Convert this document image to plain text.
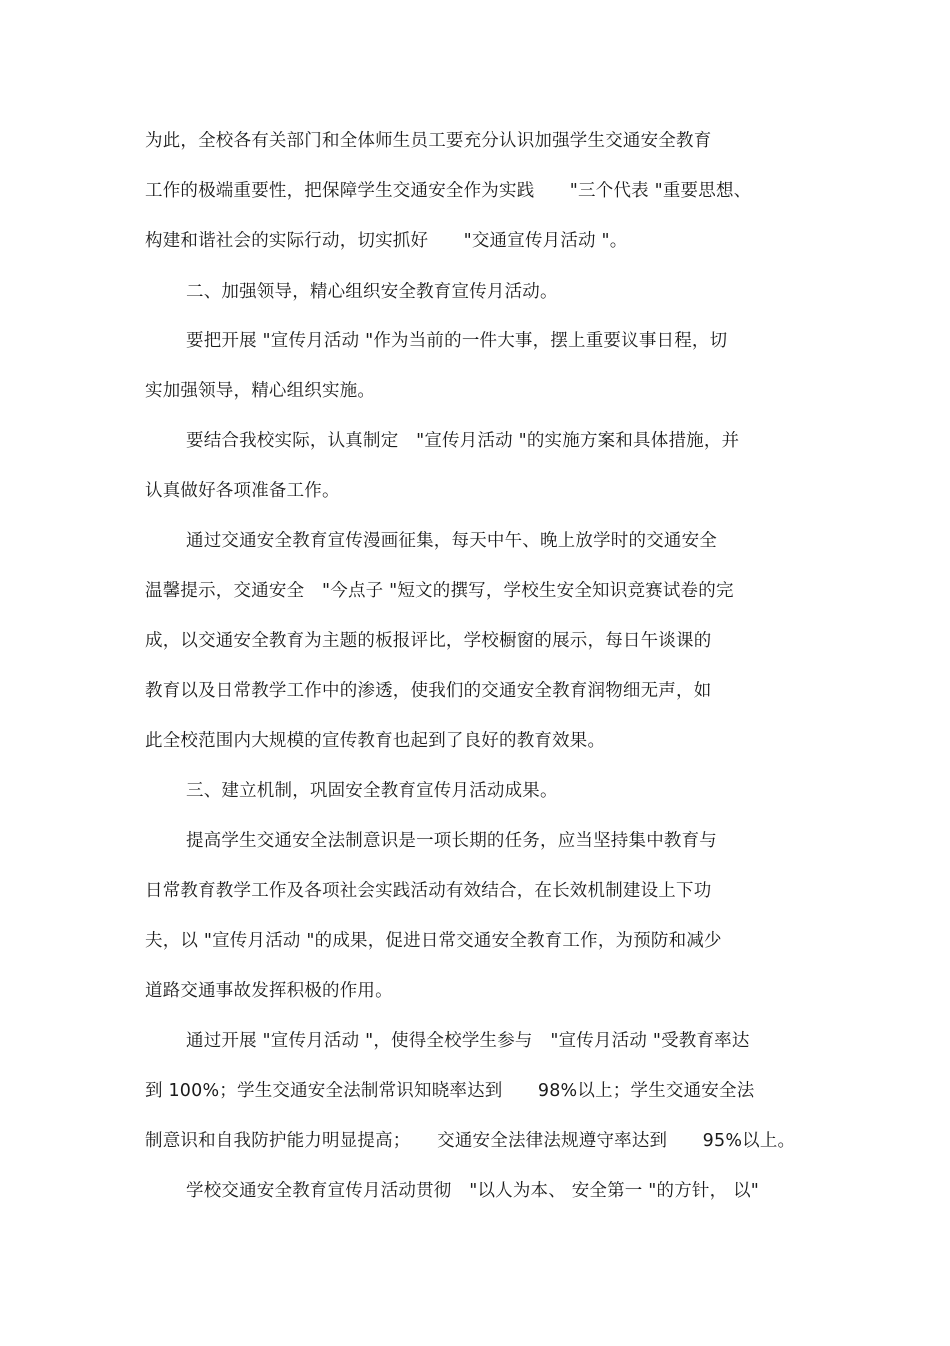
为此，全校各有关部门和全体师生员工要充分认识加强学生交通安全教育
工作的极端重要性，把保障学生交通安全作为实践　　"三个代表 "重要思想、
构建和谐社会的实际行动，切实抓好　　"交通宣传月活动 "。
二、加强领导，精心组织安全教育宣传月活动。
要把开展 "宣传月活动 "作为当前的一件大事，摆上重要议事日程，切
实加强领导，精心组织实施。
要结合我校实际，认真制定　"宣传月活动 "的实施方案和具体措施，并
认真做好各项准备工作。
通过交通安全教育宣传漫画征集，每天中午、晚上放学时的交通安全
温馨提示，交通安全　"今点子 "短文的撰写，学校生安全知识竞赛试卷的完
成，以交通安全教育为主题的板报评比，学校橱窗的展示，每日午谈课的
教育以及日常教学工作中的渗透，使我们的交通安全教育润物细无声，如
此全校范围内大规模的宣传教育也起到了良好的教育效果。
三、建立机制，巩固安全教育宣传月活动成果。
提高学生交通安全法制意识是一项长期的任务，应当坚持集中教育与
日常教育教学工作及各项社会实践活动有效结合，在长效机制建设上下功
夫，以 "宣传月活动 "的成果，促进日常交通安全教育工作，为预防和减少
道路交通事故发挥积极的作用。
通过开展 "宣传月活动 "，使得全校学生参与　"宣传月活动 "受教育率达
到 100%；学生交通安全法制常识知晓率达到　　98%以上；学生交通安全法
制意识和自我防护能力明显提高；　　交通安全法律法规遵守率达到　　95%以上。
学校交通安全教育宣传月活动贯彻　"以人为本、 安全第一 "的方针， 以"
